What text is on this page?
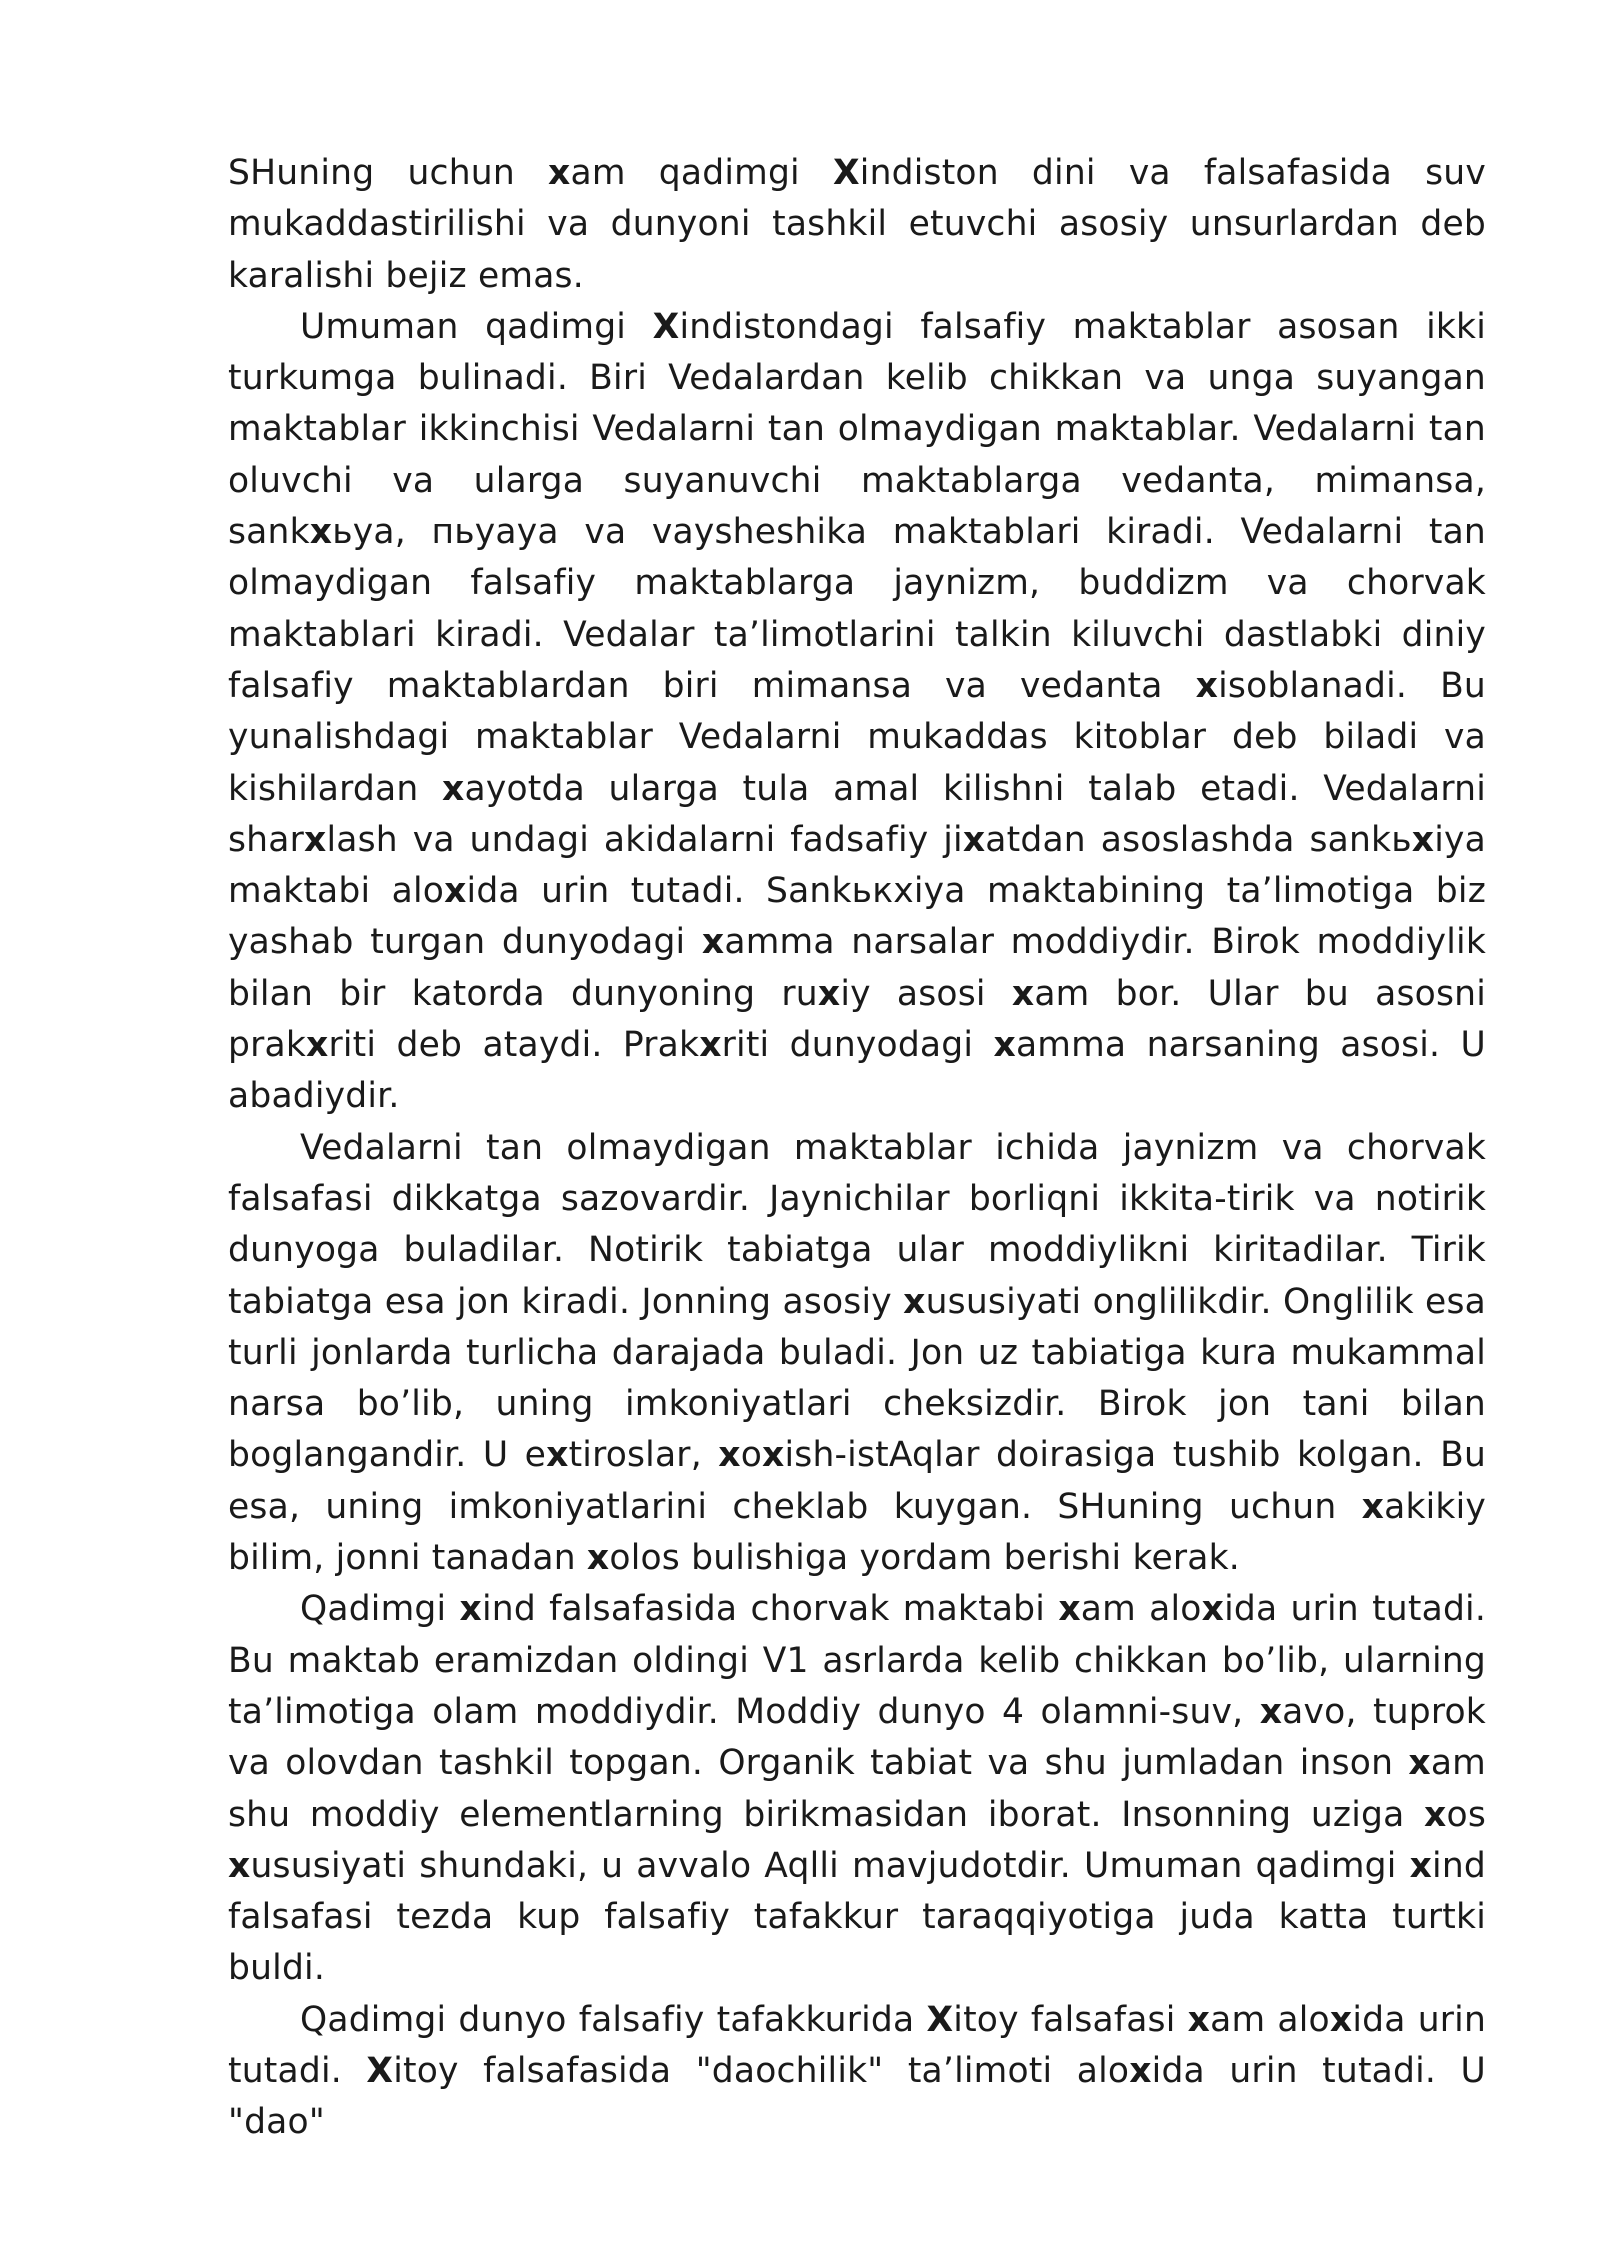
SHuning uchun xam qadimgi Xindiston dini va falsafasida suv mukaddastirilishi va dunyoni tashkil etuvchi asosiy unsurlardan deb karalishi bejiz emas.

Umuman qadimgi Xindistondagi falsafiy maktablar asosan ikki turkumga bulinadi. Biri Vedalardan kelib chikkan va unga suyangan maktablar ikkinchisi Vedalarni tan olmaydigan maktablar. Vedalarni tan oluvchi va ularga suyanuvchi maktablarga vedanta, mimansa, sankxьya, пьyaya va vaysheshika maktablari kiradi. Vedalarni tan olmaydigan falsafiy maktablarga jaynizm, buddizm va chorvak maktablari kiradi. Vedalar ta’limotlarini talkin kiluvchi dastlabki diniy falsafiy maktablardan biri mimansa va vedanta xisoblanadi. Bu yunalishdagi maktablar Vedalarni mukaddas kitoblar deb biladi va kishilardan xayotda ularga tula amal kilishni talab etadi. Vedalarni sharxlash va undagi akidalarni fadsafiy jixatdan asoslashda sankьxiya maktabi aloxida urin tutadi. Sankькxiya maktabining ta’limotiga biz yashab turgan dunyodagi xamma narsalar moddiydir. Birok moddiylik bilan bir katorda dunyoning ruxiy asosi xam bor. Ular bu asosni prakxriti deb ataydi. Prakxriti dunyodagi xamma narsaning asosi. U abadiydir.

Vedalarni tan olmaydigan maktablar ichida jaynizm va chorvak falsafasi dikkatga sazovardir. Jaynichilar borliqni ikkita-tirik va notirik dunyoga buladilar. Notirik tabiatga ular moddiylikni kiritadilar. Tirik tabiatga esa jon kiradi. Jonning asosiy xususiyati onglilikdir. Onglilik esa turli jonlarda turlicha darajada buladi. Jon uz tabiatiga kura mukammal narsa bo’lib, uning imkoniyatlari cheksizdir. Birok jon tani bilan boglangandir. U extiroslar, xoxish-istAqlar doirasiga tushib kolgan. Bu esa, uning imkoniyatlarini cheklab kuygan. SHuning uchun xakikiy bilim, jonni tanadan xolos bulishiga yordam berishi kerak.

Qadimgi xind falsafasida chorvak maktabi xam aloxida urin tutadi. Bu maktab eramizdan oldingi V1 asrlarda kelib chikkan bo’lib, ularning ta’limotiga olam moddiydir. Moddiy dunyo 4 olamni-suv, xavo, tuprok va olovdan tashkil topgan. Organik tabiat va shu jumladan inson xam shu moddiy elementlarning birikmasidan iborat. Insonning uziga xos xususiyati shundaki, u avvalo Aqlli mavjudotdir. Umuman qadimgi xind falsafasi tezda kup falsafiy tafakkur taraqqiyotiga juda katta turtki buldi.

Qadimgi dunyo falsafiy tafakkurida Xitoy falsafasi xam aloxida urin tutadi. Xitoy falsafasida "daochilik" ta’limoti aloxida urin tutadi. U "dao"
